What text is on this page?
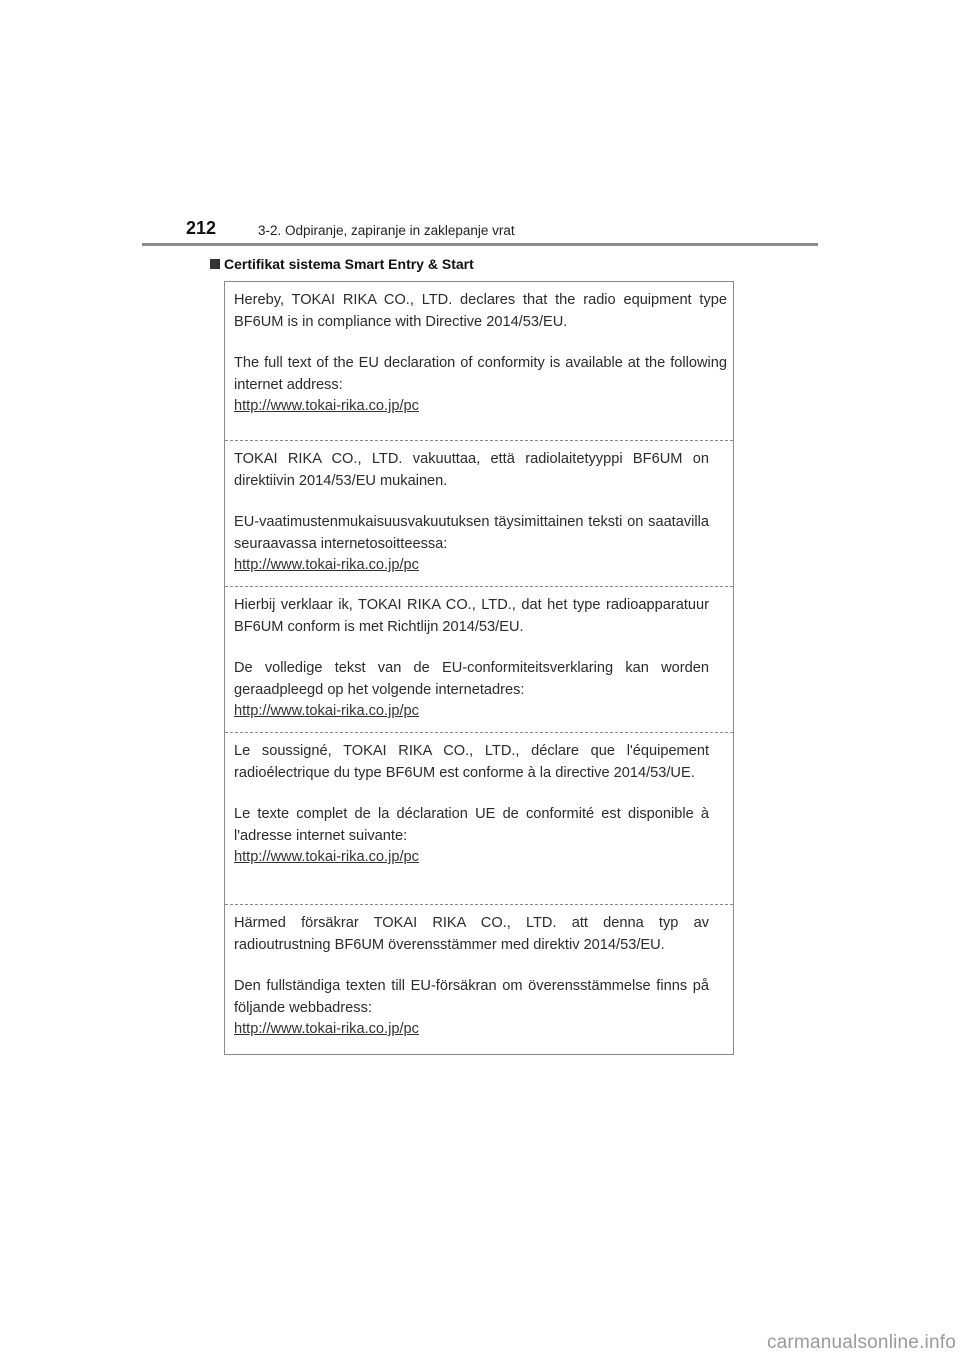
212	3-2. Odpiranje, zapiranje in zaklepanje vrat
Certifikat sistema Smart Entry & Start

Hereby, TOKAI RIKA CO., LTD. declares that the radio equipment type BF6UM is in compliance with Directive 2014/53/EU.

The full text of the EU declaration of conformity is available at the following internet address:

http://www.tokai-rika.co.jp/pc

TOKAI RIKA CO., LTD. vakuuttaa, että radiolaitetyyppi BF6UM on direktiivin 2014/53/EU mukainen.

EU-vaatimustenmukaisuusvakuutuksen täysimittainen teksti on saatavilla seuraavassa internetosoitteessa:

http://www.tokai-rika.co.jp/pc

Hierbij verklaar ik, TOKAI RIKA CO., LTD., dat het type radioapparatuur BF6UM conform is met Richtlijn 2014/53/EU.

De volledige tekst van de EU-conformiteitsverklaring kan worden geraadpleegd op het volgende internetadres:

http://www.tokai-rika.co.jp/pc

Le soussigné, TOKAI RIKA CO., LTD., déclare que l'équipement radioélectrique du type BF6UM est conforme à la directive 2014/53/UE.

Le texte complet de la déclaration UE de conformité est disponible à l'adresse internet suivante:

http://www.tokai-rika.co.jp/pc

Härmed försäkrar TOKAI RIKA CO., LTD. att denna typ av radioutrustning BF6UM överensstämmer med direktiv 2014/53/EU.

Den fullständiga texten till EU-försäkran om överensstämmelse finns på följande webbadress:

http://www.tokai-rika.co.jp/pc

carmanualsonline.info
